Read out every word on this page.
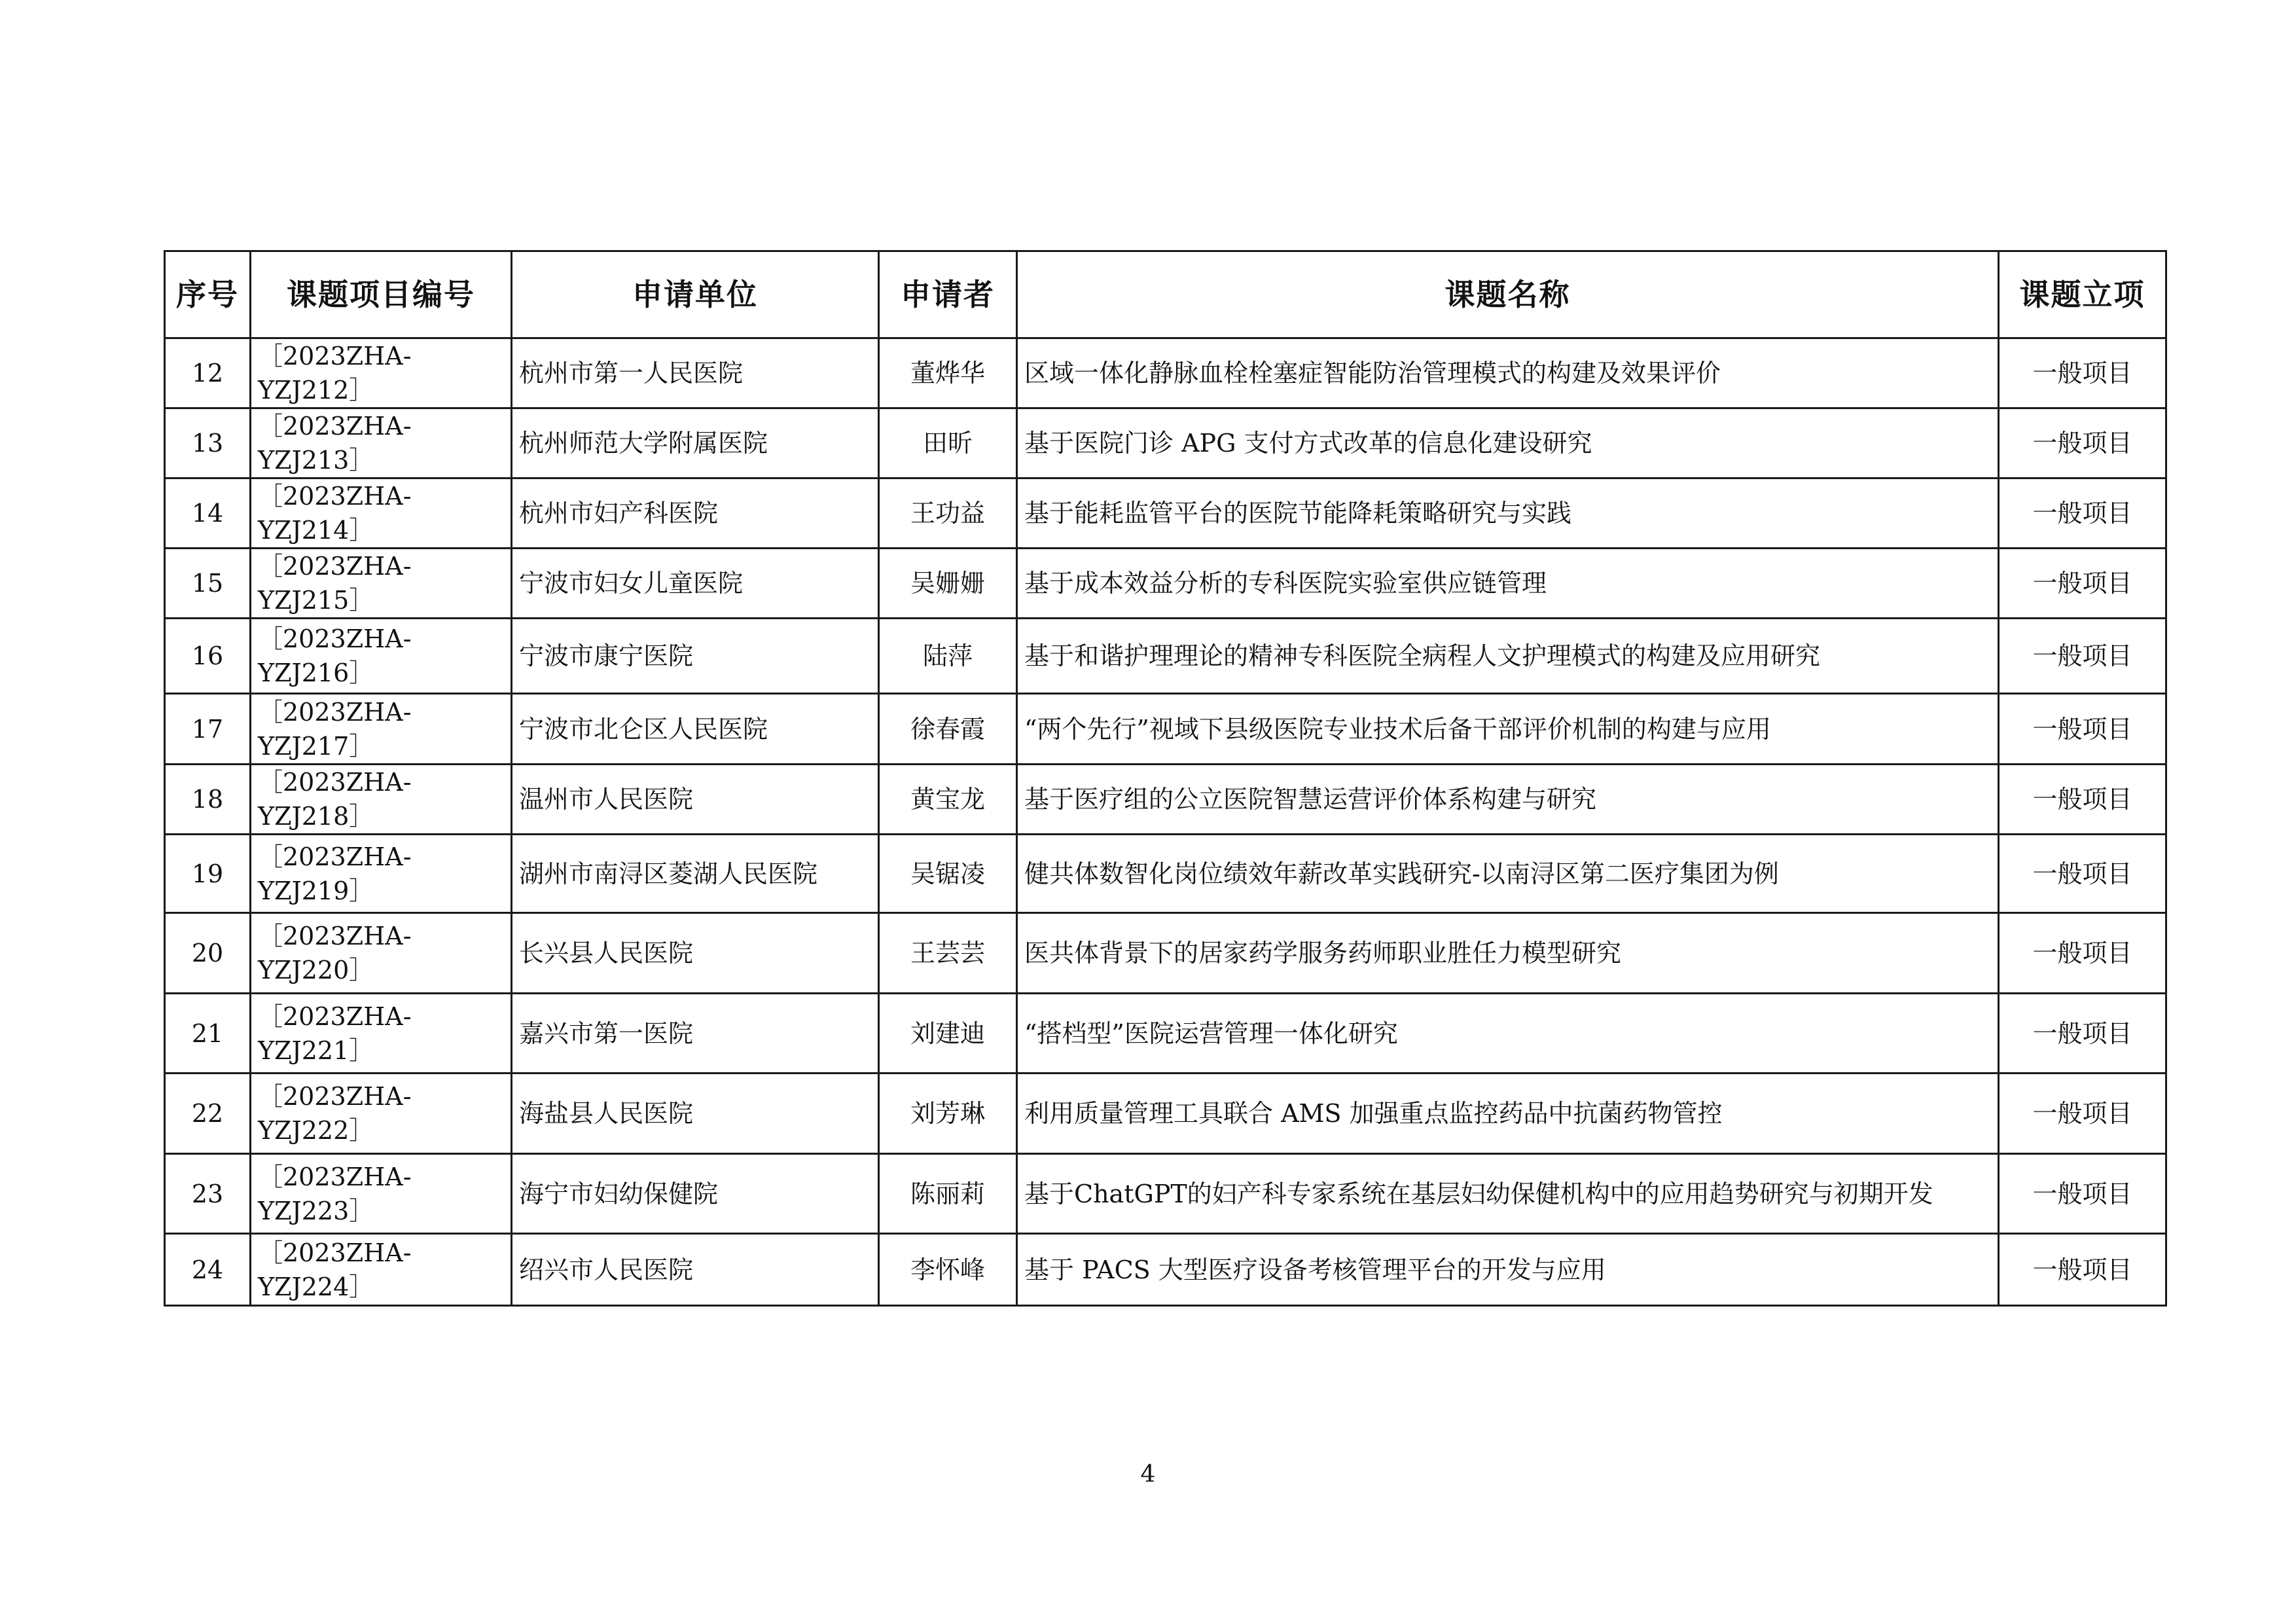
序号	课题项目编号	申请单位	申请者	课题名称	课题立项
12	［2023ZHA-YZJ212］	杭州市第一人民医院	董烨华	区域一体化静脉血栓栓塞症智能防治管理模式的构建及效果评价	一般项目
13	［2023ZHA-YZJ213］	杭州师范大学附属医院	田昕	基于医院门诊 APG 支付方式改革的信息化建设研究	一般项目
14	［2023ZHA-YZJ214］	杭州市妇产科医院	王功益	基于能耗监管平台的医院节能降耗策略研究与实践	一般项目
15	［2023ZHA-YZJ215］	宁波市妇女儿童医院	吴姗姗	基于成本效益分析的专科医院实验室供应链管理	一般项目
16	［2023ZHA-YZJ216］	宁波市康宁医院	陆萍	基于和谐护理理论的精神专科医院全病程人文护理模式的构建及应用研究	一般项目
17	［2023ZHA-YZJ217］	宁波市北仑区人民医院	徐春霞	“两个先行”视域下县级医院专业技术后备干部评价机制的构建与应用	一般项目
18	［2023ZHA-YZJ218］	温州市人民医院	黄宝龙	基于医疗组的公立医院智慧运营评价体系构建与研究	一般项目
19	［2023ZHA-YZJ219］	湖州市南浔区菱湖人民医院	吴锯凌	健共体数智化岗位绩效年薪改革实践研究-以南浔区第二医疗集团为例	一般项目
20	［2023ZHA-YZJ220］	长兴县人民医院	王芸芸	医共体背景下的居家药学服务药师职业胜任力模型研究	一般项目
21	［2023ZHA-YZJ221］	嘉兴市第一医院	刘建迪	“搭档型”医院运营管理一体化研究	一般项目
22	［2023ZHA-YZJ222］	海盐县人民医院	刘芳琳	利用质量管理工具联合 AMS 加强重点监控药品中抗菌药物管控	一般项目
23	［2023ZHA-YZJ223］	海宁市妇幼保健院	陈丽莉	基于ChatGPT的妇产科专家系统在基层妇幼保健机构中的应用趋势研究与初期开发	一般项目
24	［2023ZHA-YZJ224］	绍兴市人民医院	李怀峰	基于 PACS 大型医疗设备考核管理平台的开发与应用	一般项目
4
